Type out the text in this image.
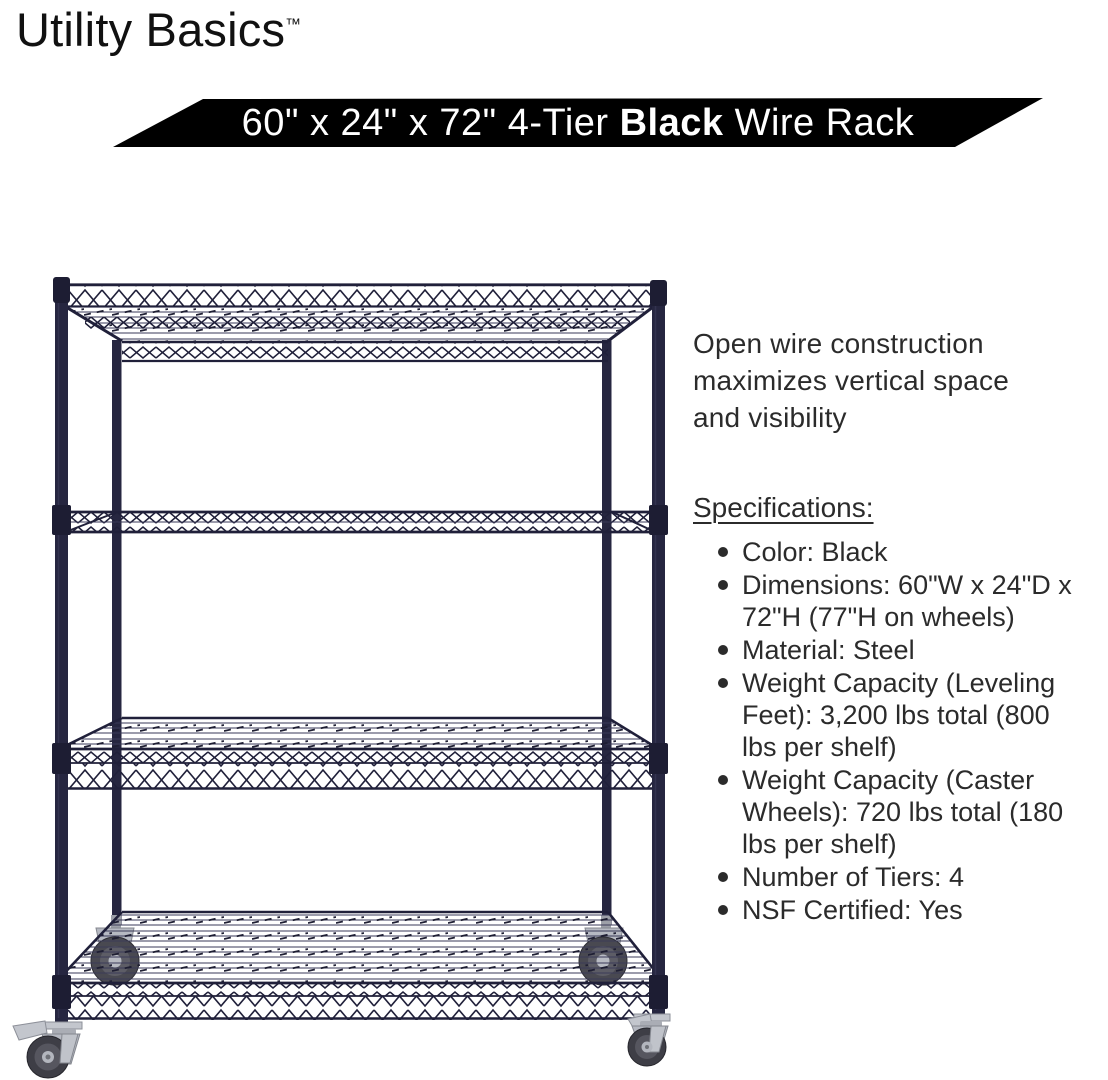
Utility Basics™
60" x 24" x 72" 4-Tier Black Wire Rack

Open wire construction maximizes vertical space and visibility

Specifications:
Color: Black
Dimensions: 60"W x 24"D x 72"H (77"H on wheels)
Material: Steel
Weight Capacity (Leveling Feet): 3,200 lbs total (800 lbs per shelf)
Weight Capacity (Caster Wheels): 720 lbs total (180 lbs per shelf)
Number of Tiers: 4
NSF Certified: Yes
